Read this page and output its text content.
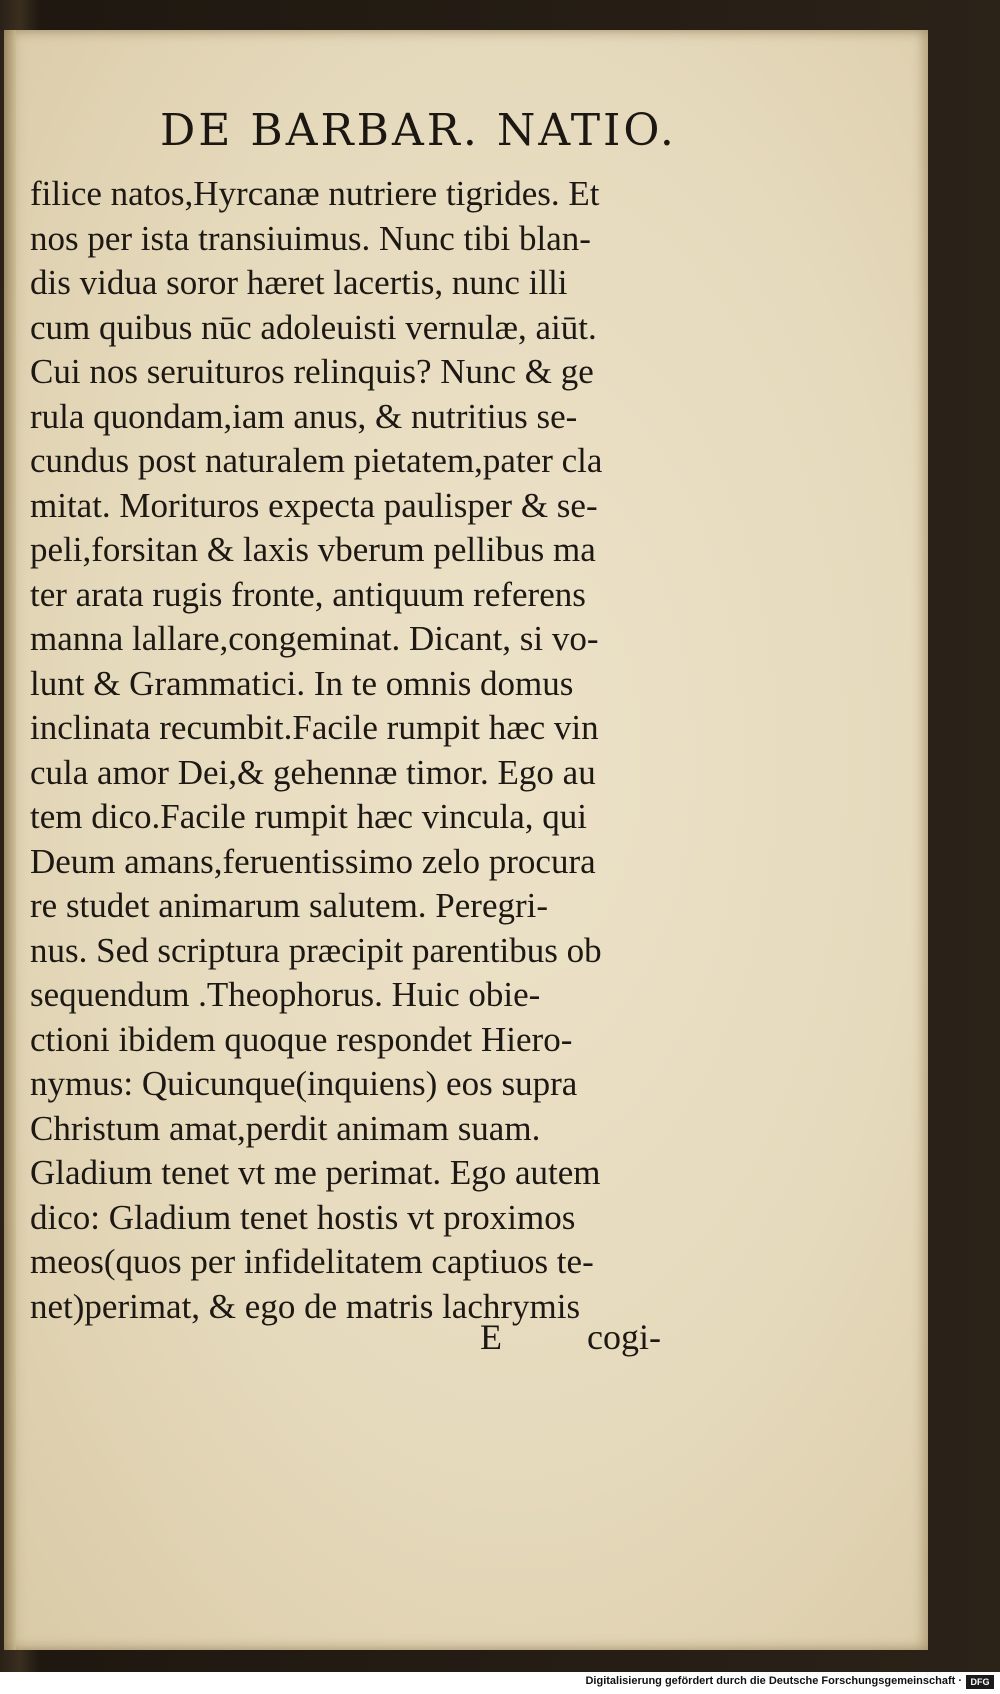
DE BARBAR. NATIO.
filice natos,Hyrcanæ nutriere tigrides. Et
nos per ista transiuimus. Nunc tibi blan-
dis vidua soror hæret lacertis, nunc illi
cum quibus nūc adoleuisti vernulæ, aiūt.
Cui nos seruituros relinquis? Nunc & ge
rula quondam,iam anus, & nutritius se-
cundus post naturalem pietatem,pater cla
mitat. Morituros expecta paulisper & se-
peli,forsitan & laxis vberum pellibus ma
ter arata rugis fronte, antiquum referens
manna lallare,congeminat. Dicant, si vo-
lunt & Grammatici. In te omnis domus
inclinata recumbit.Facile rumpit hæc vin
cula amor Dei,& gehennæ timor. Ego au
tem dico.Facile rumpit hæc vincula, qui
Deum amans,feruentissimo zelo procura
re studet animarum salutem. Peregri-
nus. Sed scriptura præcipit parentibus ob
sequendum .Theophorus. Huic obie-
ctioni ibidem quoque respondet Hiero-
nymus: Quicunque(inquiens) eos supra
Christum amat,perdit animam suam.
Gladium tenet vt me perimat. Ego autem
dico: Gladium tenet hostis vt proximos
meos(quos per infidelitatem captiuos te-
net)perimat, & ego de matris lachrymis
E cogi-
Digitalisierung gefördert durch die Deutsche Forschungsgemeinschaft · DFG
